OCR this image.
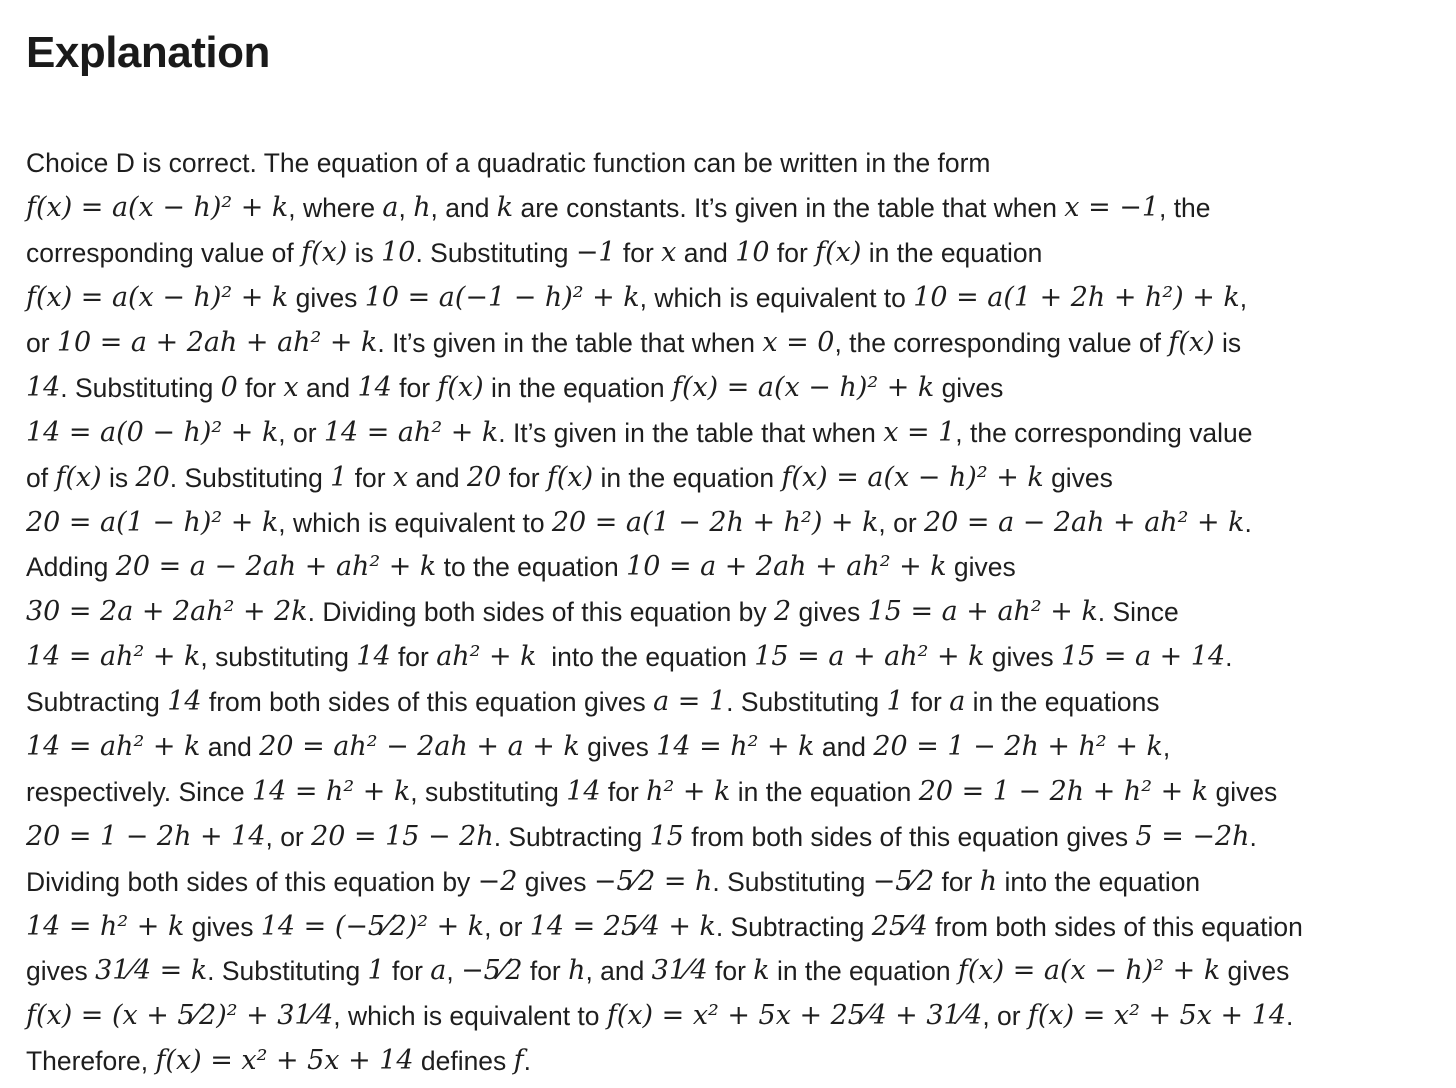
Explanation
Choice D is correct. The equation of a quadratic function can be written in the form
f(x) = a(x − h)² + k , where a , h , and k are constants. It’s given in the table that when x = −1 , the
corresponding value of f(x) is 10 . Substituting −1 for x and 10 for f(x) in the equation
f(x) = a(x − h)² + k gives 10 = a(−1 − h)² + k , which is equivalent to 10 = a(1 + 2h + h²) + k ,
or 10 = a + 2ah + ah² + k . It’s given in the table that when x = 0 , the corresponding value of f(x) is
14 . Substituting 0 for x and 14 for f(x) in the equation f(x) = a(x − h)² + k gives
14 = a(0 − h)² + k , or 14 = ah² + k . It’s given in the table that when x = 1 , the corresponding value
of f(x) is 20 . Substituting 1 for x and 20 for f(x) in the equation f(x) = a(x − h)² + k gives
20 = a(1 − h)² + k , which is equivalent to 20 = a(1 − 2h + h²) + k , or 20 = a − 2ah + ah² + k .
Adding 20 = a − 2ah + ah² + k to the equation 10 = a + 2ah + ah² + k gives
30 = 2a + 2ah² + 2k . Dividing both sides of this equation by 2 gives 15 = a + ah² + k . Since
14 = ah² + k , substituting 14 for ah² + k into the equation 15 = a + ah² + k gives 15 = a + 14 .
Subtracting 14 from both sides of this equation gives a = 1 . Substituting 1 for a in the equations
14 = ah² + k and 20 = ah² − 2ah + a + k gives 14 = h² + k and 20 = 1 − 2h + h² + k ,
respectively. Since 14 = h² + k , substituting 14 for h² + k in the equation 20 = 1 − 2h + h² + k gives
20 = 1 − 2h + 14 , or 20 = 15 − 2h . Subtracting 15 from both sides of this equation gives 5 = −2h .
Dividing both sides of this equation by −2 gives −5⁄2 = h . Substituting −5⁄2 for h into the equation
14 = h² + k gives 14 = (−5⁄2)² + k , or 14 = 25⁄4 + k . Subtracting 25⁄4 from both sides of this equation
gives 31⁄4 = k . Substituting 1 for a , −5⁄2 for h , and 31⁄4 for k in the equation f(x) = a(x − h)² + k gives
f(x) = (x + 5⁄2)² + 31⁄4 , which is equivalent to f(x) = x² + 5x + 25⁄4 + 31⁄4 , or f(x) = x² + 5x + 14 .
Therefore, f(x) = x² + 5x + 14 defines f .
